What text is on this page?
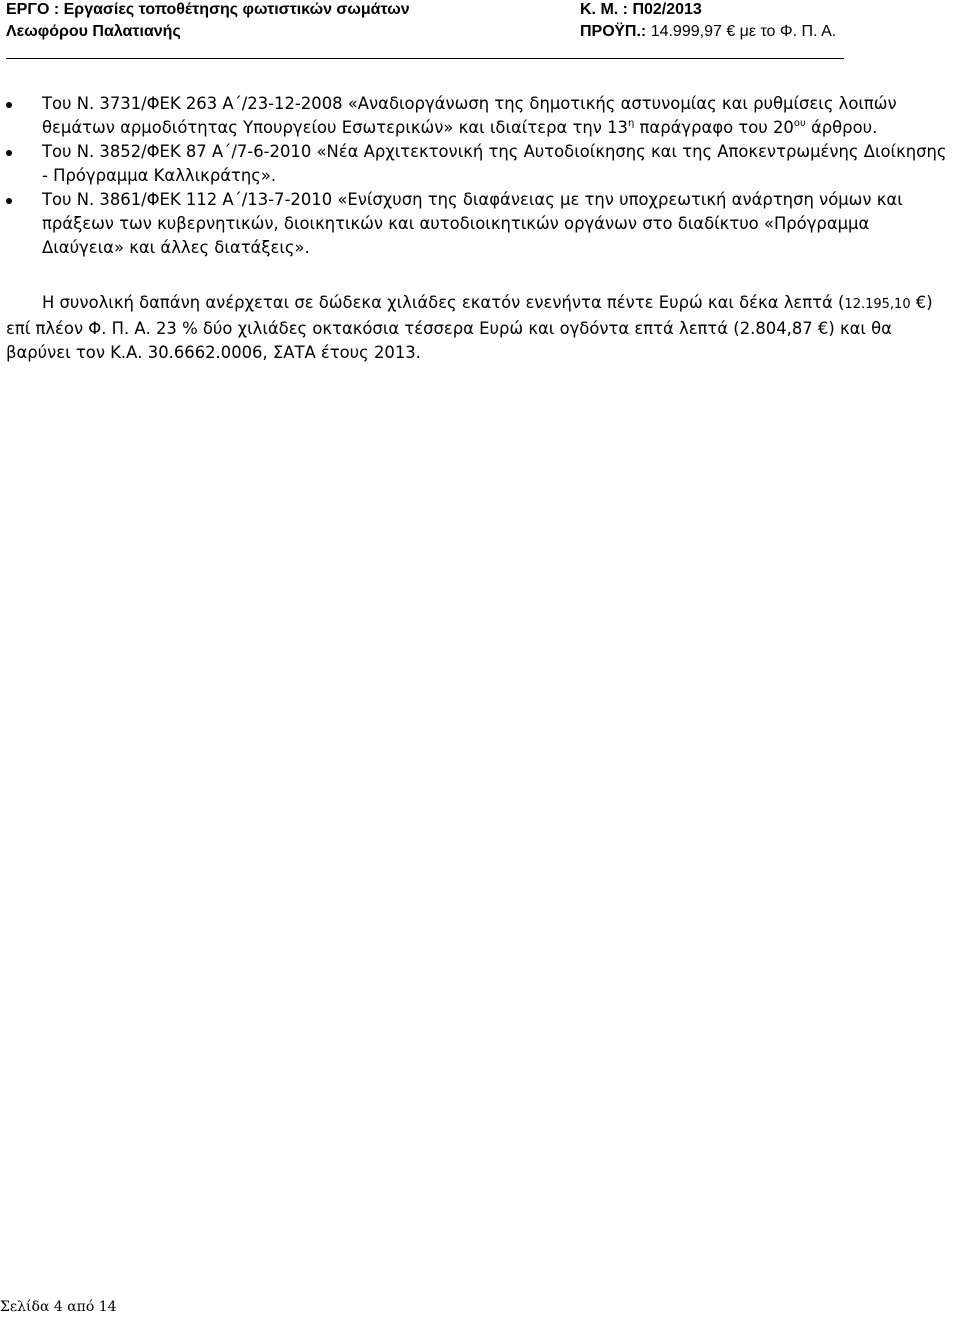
ΕΡΓΟ : Εργασίες τοποθέτησης φωτιστικών σωμάτων	Κ. Μ. : Π02/2013
Λεωφόρου Παλατιανής	ΠΡΟΫΠ.: 14.999,97 € με το Φ. Π. Α.
Του Ν. 3731/ΦΕΚ 263 Α΄/23-12-2008 «Αναδιοργάνωση της δημοτικής αστυνομίας και ρυθμίσεις λοιπών θεμάτων αρμοδιότητας Υπουργείου Εσωτερικών» και ιδιαίτερα την $13^\eta$ παράγραφο του $20^{o\upsilon}$ άρθρου.
Του Ν. 3852/ΦΕΚ 87 Α΄/7-6-2010 «Νέα Αρχιτεκτονική της Αυτοδιοίκησης και της Αποκεντρωμένης Διοίκησης - Πρόγραμμα Καλλικράτης».
Του Ν. 3861/ΦΕΚ 112 Α΄/13-7-2010 «Ενίσχυση της διαφάνειας με την υποχρεωτική ανάρτηση νόμων και πράξεων των κυβερνητικών, διοικητικών και αυτοδιοικητικών οργάνων στο διαδίκτυο «Πρόγραμμα Διαύγεια» και άλλες διατάξεις».

Η συνολική δαπάνη ανέρχεται σε δώδεκα χιλιάδες εκατόν ενενήντα πέντε Ευρώ και δέκα λεπτά (12.195,10 €) επί πλέον Φ. Π. Α. 23 % δύο χιλιάδες οκτακόσια τέσσερα Ευρώ και ογδόντα επτά λεπτά (2.804,87 €) και θα βαρύνει τον Κ.Α. 30.6662.0006, ΣΑΤΑ έτους 2013.

Σελίδα 4 από 14
